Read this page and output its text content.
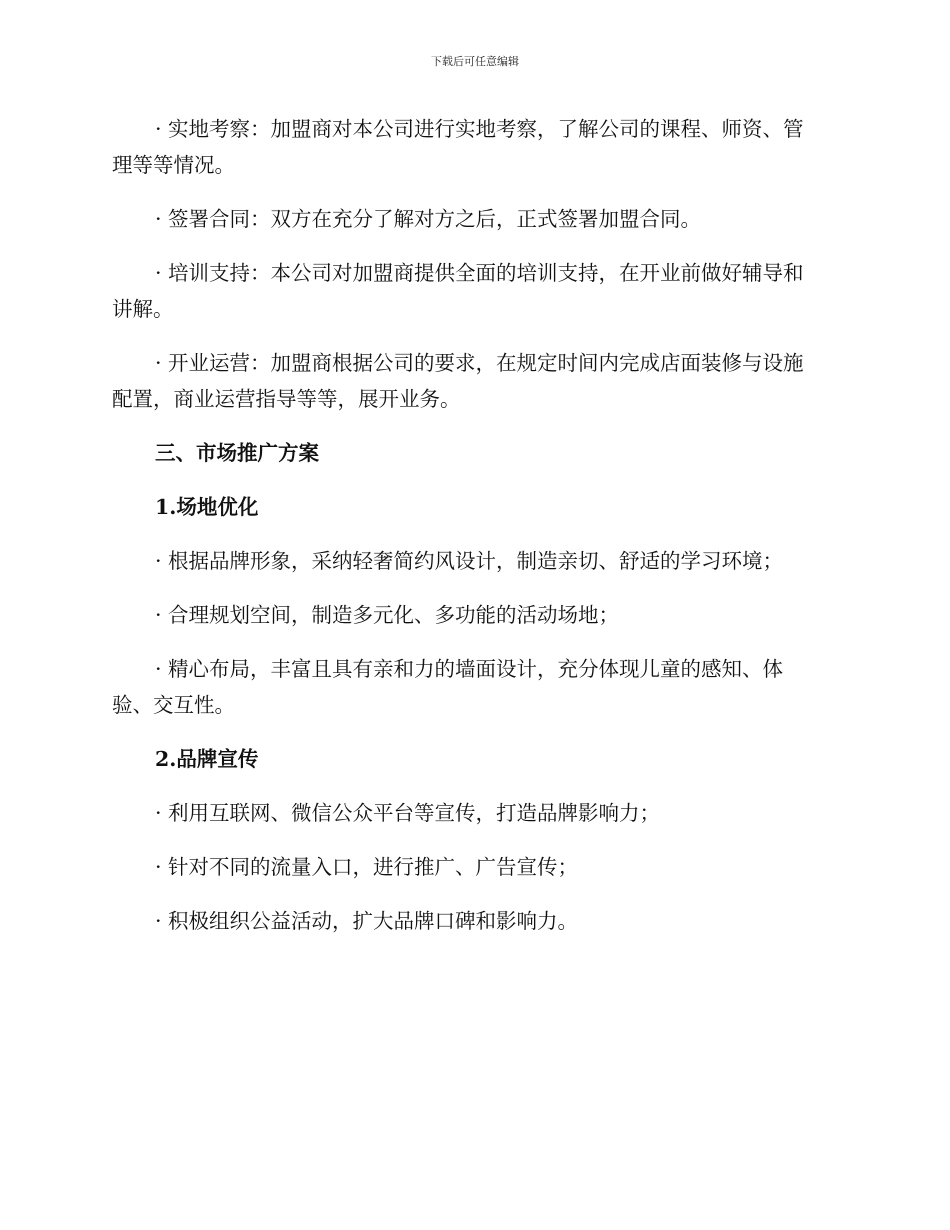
下载后可任意编辑

· 实地考察：加盟商对本公司进行实地考察，了解公司的课程、师资、管理等等情况。

· 签署合同：双方在充分了解对方之后，正式签署加盟合同。

· 培训支持：本公司对加盟商提供全面的培训支持，在开业前做好辅导和讲解。

· 开业运营：加盟商根据公司的要求，在规定时间内完成店面装修与设施配置，商业运营指导等等，展开业务。

三、市场推广方案

1.场地优化

· 根据品牌形象，采纳轻奢简约风设计，制造亲切、舒适的学习环境；

· 合理规划空间，制造多元化、多功能的活动场地；

· 精心布局，丰富且具有亲和力的墙面设计，充分体现儿童的感知、体验、交互性。

2.品牌宣传

· 利用互联网、微信公众平台等宣传，打造品牌影响力；

· 针对不同的流量入口，进行推广、广告宣传；

· 积极组织公益活动，扩大品牌口碑和影响力。
